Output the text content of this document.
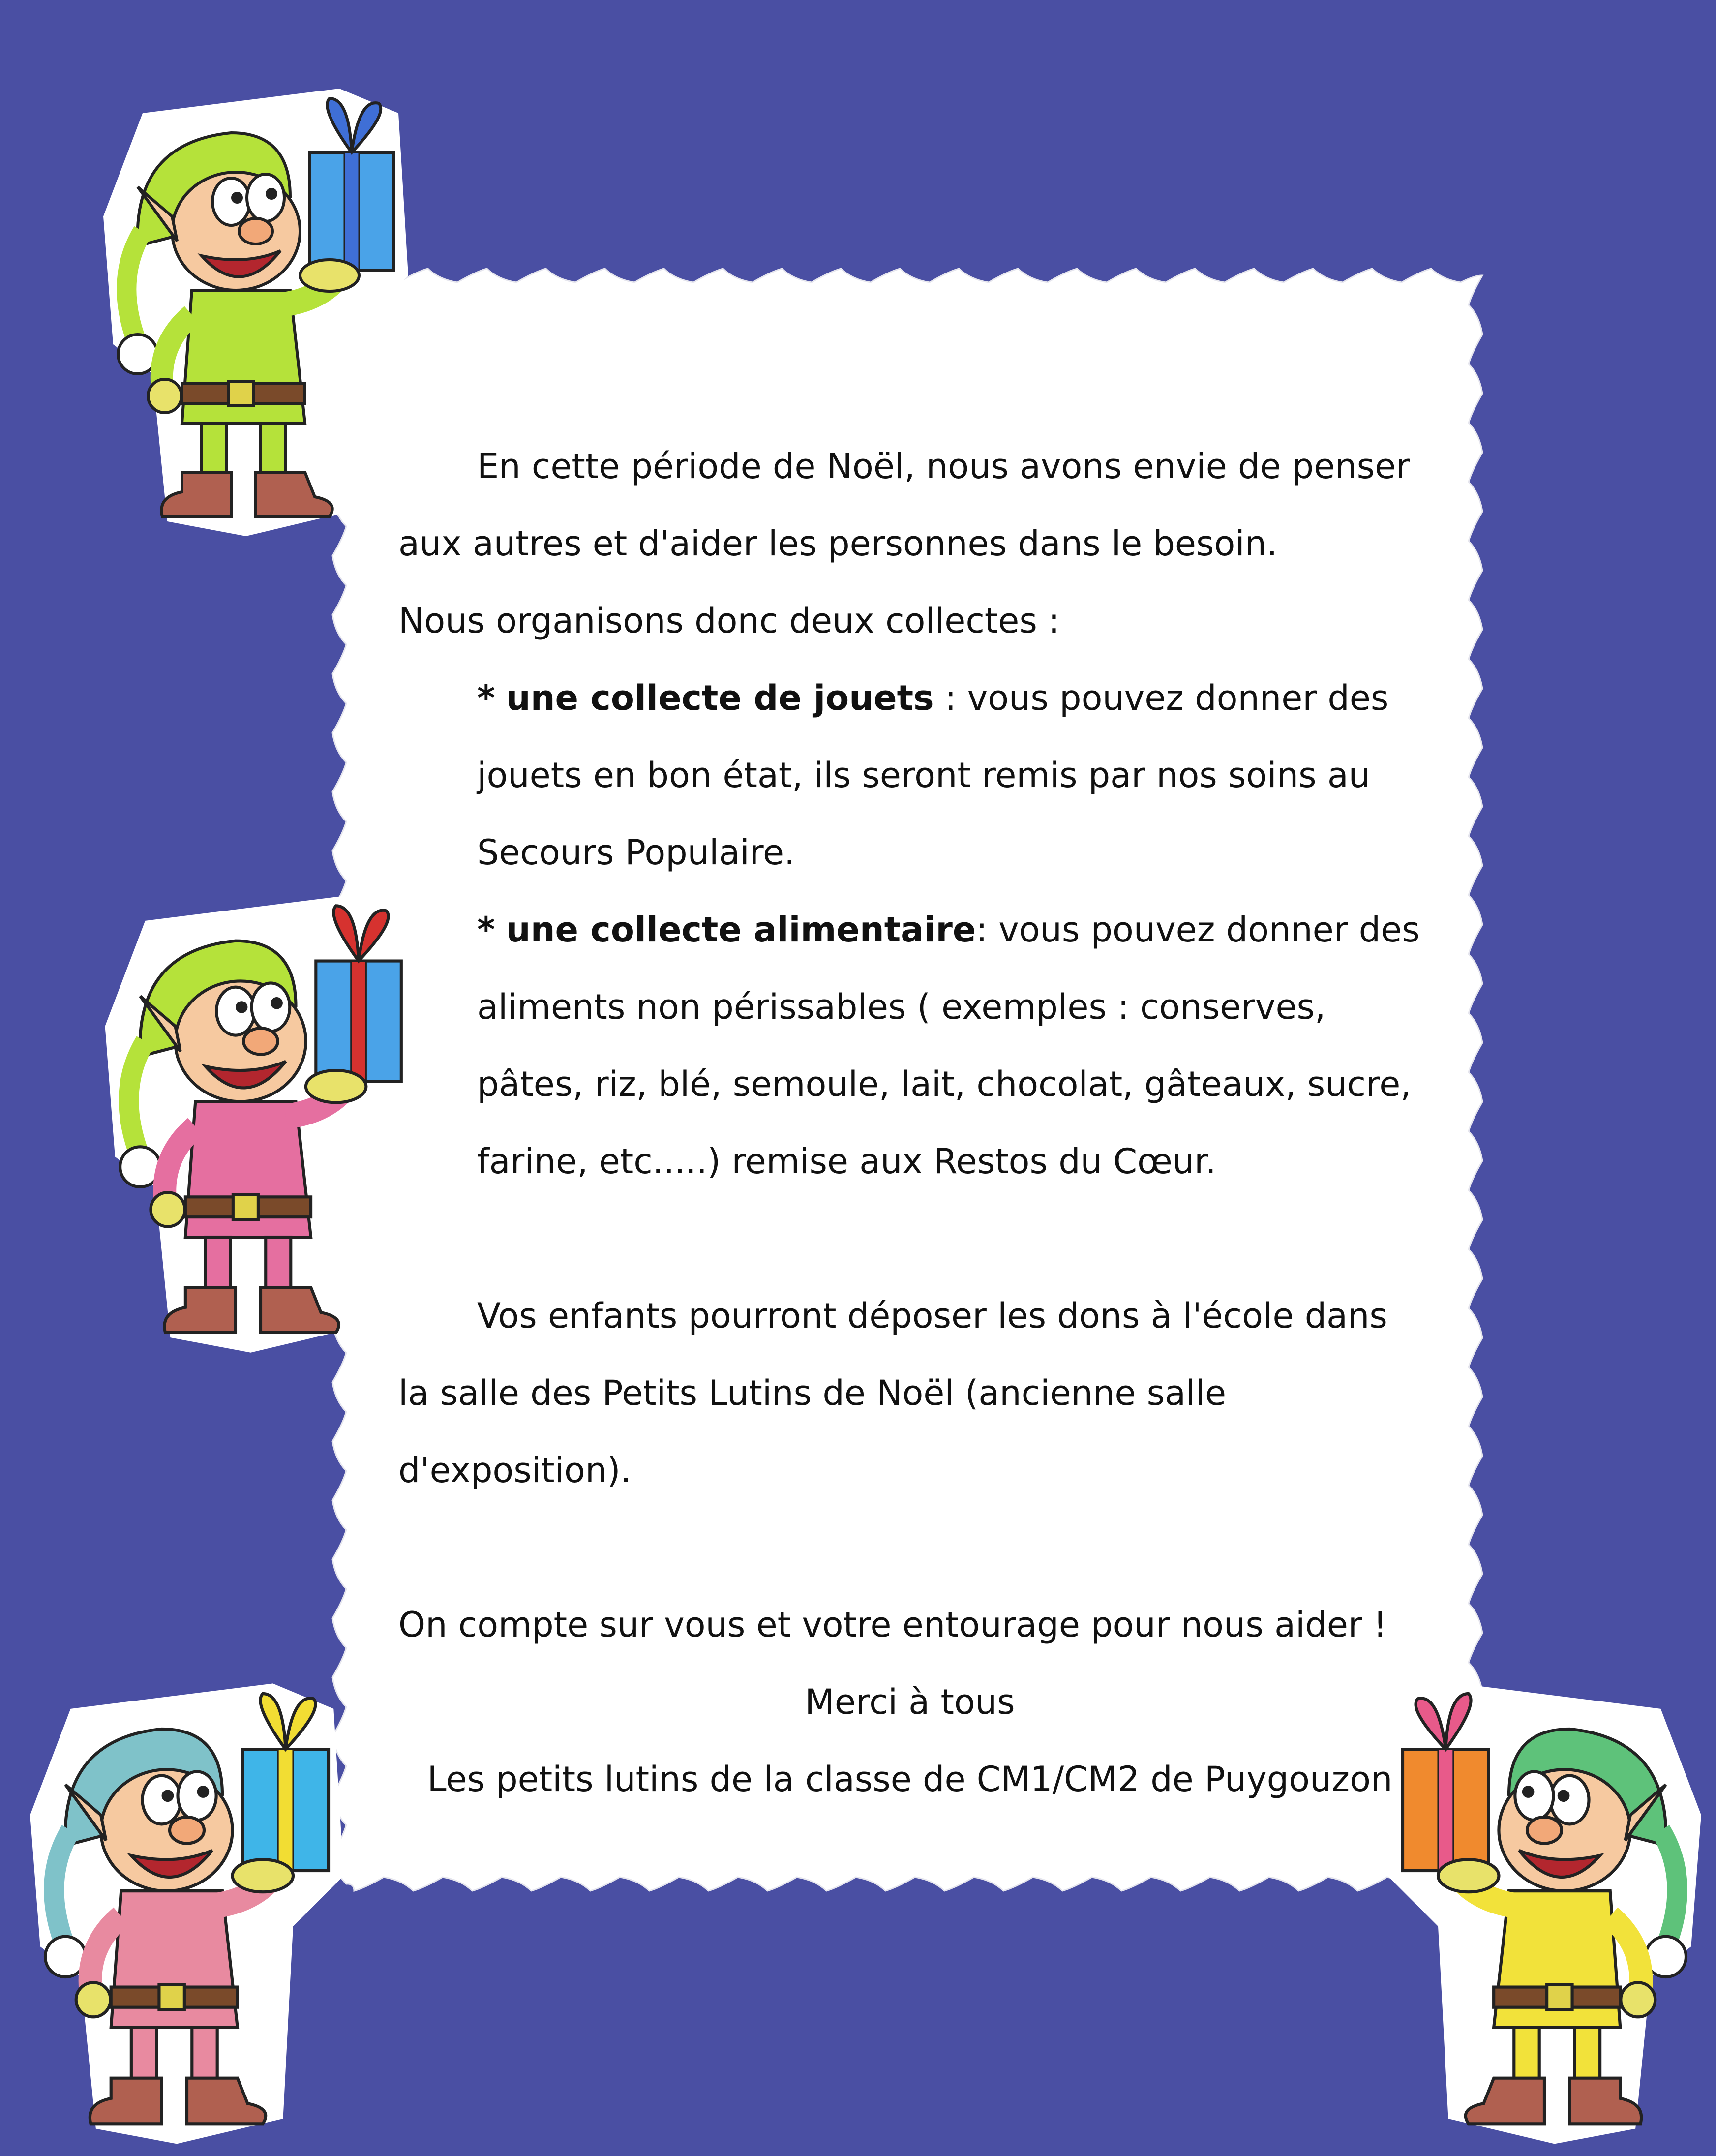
En cette période de Noël, nous avons envie de penser aux autres et d'aider les personnes dans le besoin.

Nous organisons donc deux collectes :

* une collecte de jouets : vous pouvez donner des jouets en bon état, ils seront remis par nos soins au Secours Populaire.

* une collecte alimentaire: vous pouvez donner des aliments non périssables ( exemples : conserves, pâtes, riz, blé, semoule, lait, chocolat, gâteaux, sucre, farine, etc.....) remise aux Restos du Cœur.

Vos enfants pourront déposer les dons à l'école dans la salle des Petits Lutins de Noël (ancienne salle d'exposition).

On compte sur vous et votre entourage pour nous aider !

Merci à tous

Les petits lutins de la classe de CM1/CM2 de Puygouzon
